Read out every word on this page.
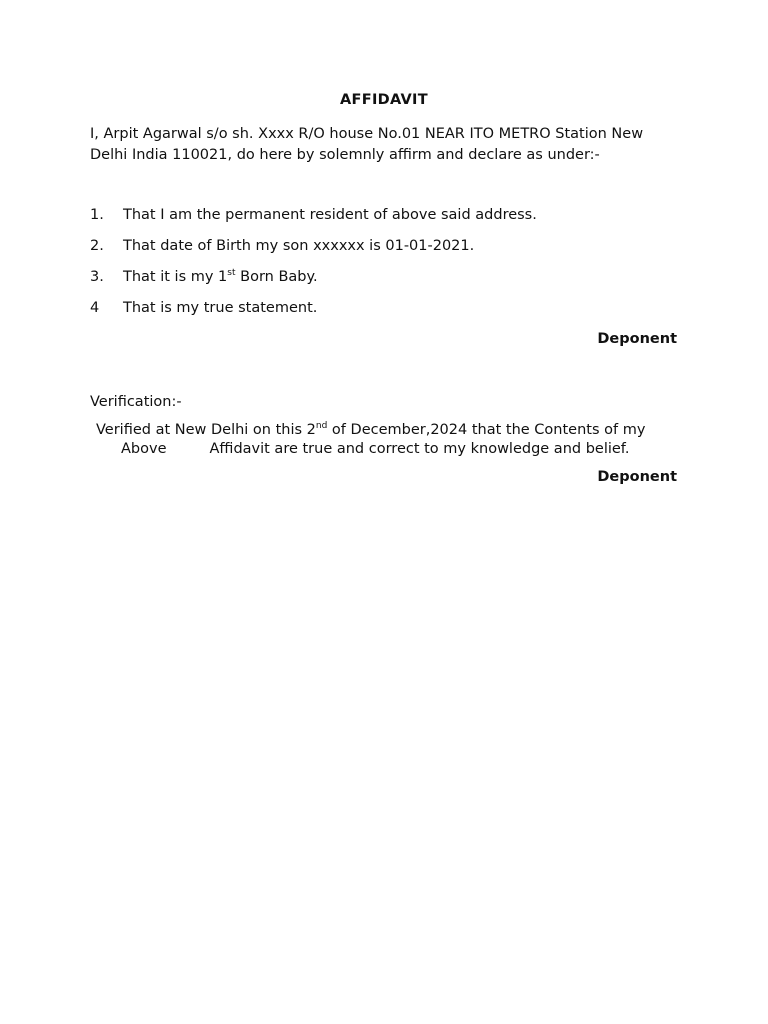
AFFIDAVIT
I, Arpit Agarwal s/o sh. Xxxx R/O house No.01 NEAR ITO METRO Station New Delhi India 110021, do here by solemnly affirm and declare as under:-
1. That I am the permanent resident of above said address.
2. That date of Birth my son xxxxxx is 01-01-2021.
3. That it is my 1st Born Baby.
4 That is my true statement.
Deponent
Verification:-
Verified at New Delhi on this 2nd of December,2024 that the Contents of my
Above	Affidavit are true and correct to my knowledge and belief.
Deponent
